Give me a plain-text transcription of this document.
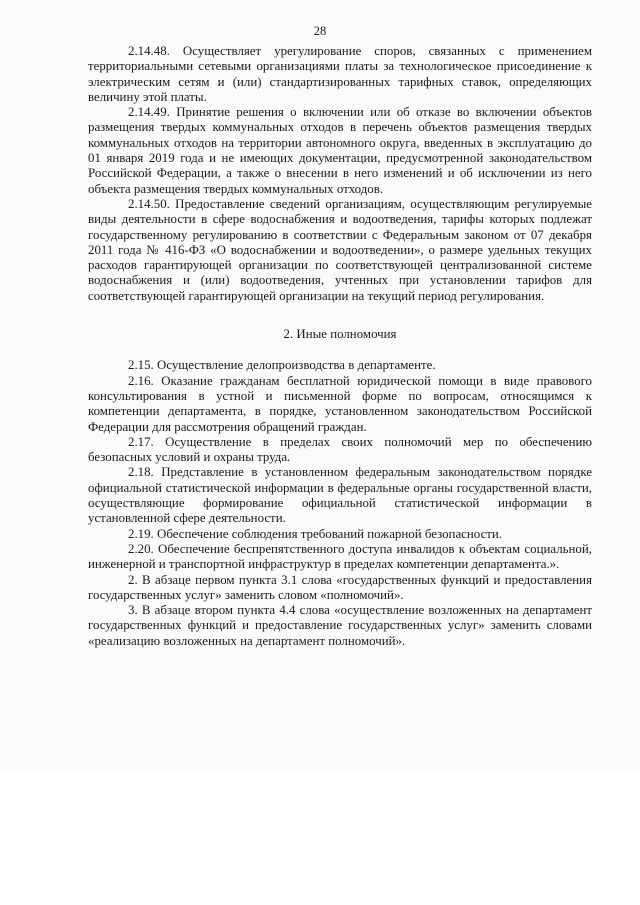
28

2.14.48. Осуществляет урегулирование споров, связанных с применением территориальными сетевыми организациями платы за технологическое присоединение к электрическим сетям и (или) стандартизированных тарифных ставок, определяющих величину этой платы.

2.14.49. Принятие решения о включении или об отказе во включении объектов размещения твердых коммунальных отходов в перечень объектов размещения твердых коммунальных отходов на территории автономного округа, введенных в эксплуатацию до 01 января 2019 года и не имеющих документации, предусмотренной законодательством Российской Федерации, а также о внесении в него изменений и об исключении из него объекта размещения твердых коммунальных отходов.

2.14.50. Предоставление сведений организациям, осуществляющим регулируемые виды деятельности в сфере водоснабжения и водоотведения, тарифы которых подлежат государственному регулированию в соответствии с Федеральным законом от 07 декабря 2011 года № 416-ФЗ «О водоснабжении и водоотведении», о размере удельных текущих расходов гарантирующей организации по соответствующей централизованной системе водоснабжения и (или) водоотведения, учтенных при установлении тарифов для соответствующей гарантирующей организации на текущий период регулирования.

2. Иные полномочия

2.15. Осуществление делопроизводства в департаменте.

2.16. Оказание гражданам бесплатной юридической помощи в виде правового консультирования в устной и письменной форме по вопросам, относящимся к компетенции департамента, в порядке, установленном законодательством Российской Федерации для рассмотрения обращений граждан.

2.17. Осуществление в пределах своих полномочий мер по обеспечению безопасных условий и охраны труда.

2.18. Представление в установленном федеральным законодательством порядке официальной статистической информации в федеральные органы государственной власти, осуществляющие формирование официальной статистической информации в установленной сфере деятельности.

2.19. Обеспечение соблюдения требований пожарной безопасности.

2.20. Обеспечение беспрепятственного доступа инвалидов к объектам социальной, инженерной и транспортной инфраструктур в пределах компетенции департамента.».

2. В абзаце первом пункта 3.1 слова «государственных функций и предоставления государственных услуг» заменить словом «полномочий».

3. В абзаце втором пункта 4.4 слова «осуществление возложенных на департамент государственных функций и предоставление государственных услуг» заменить словами «реализацию возложенных на департамент полномочий».
